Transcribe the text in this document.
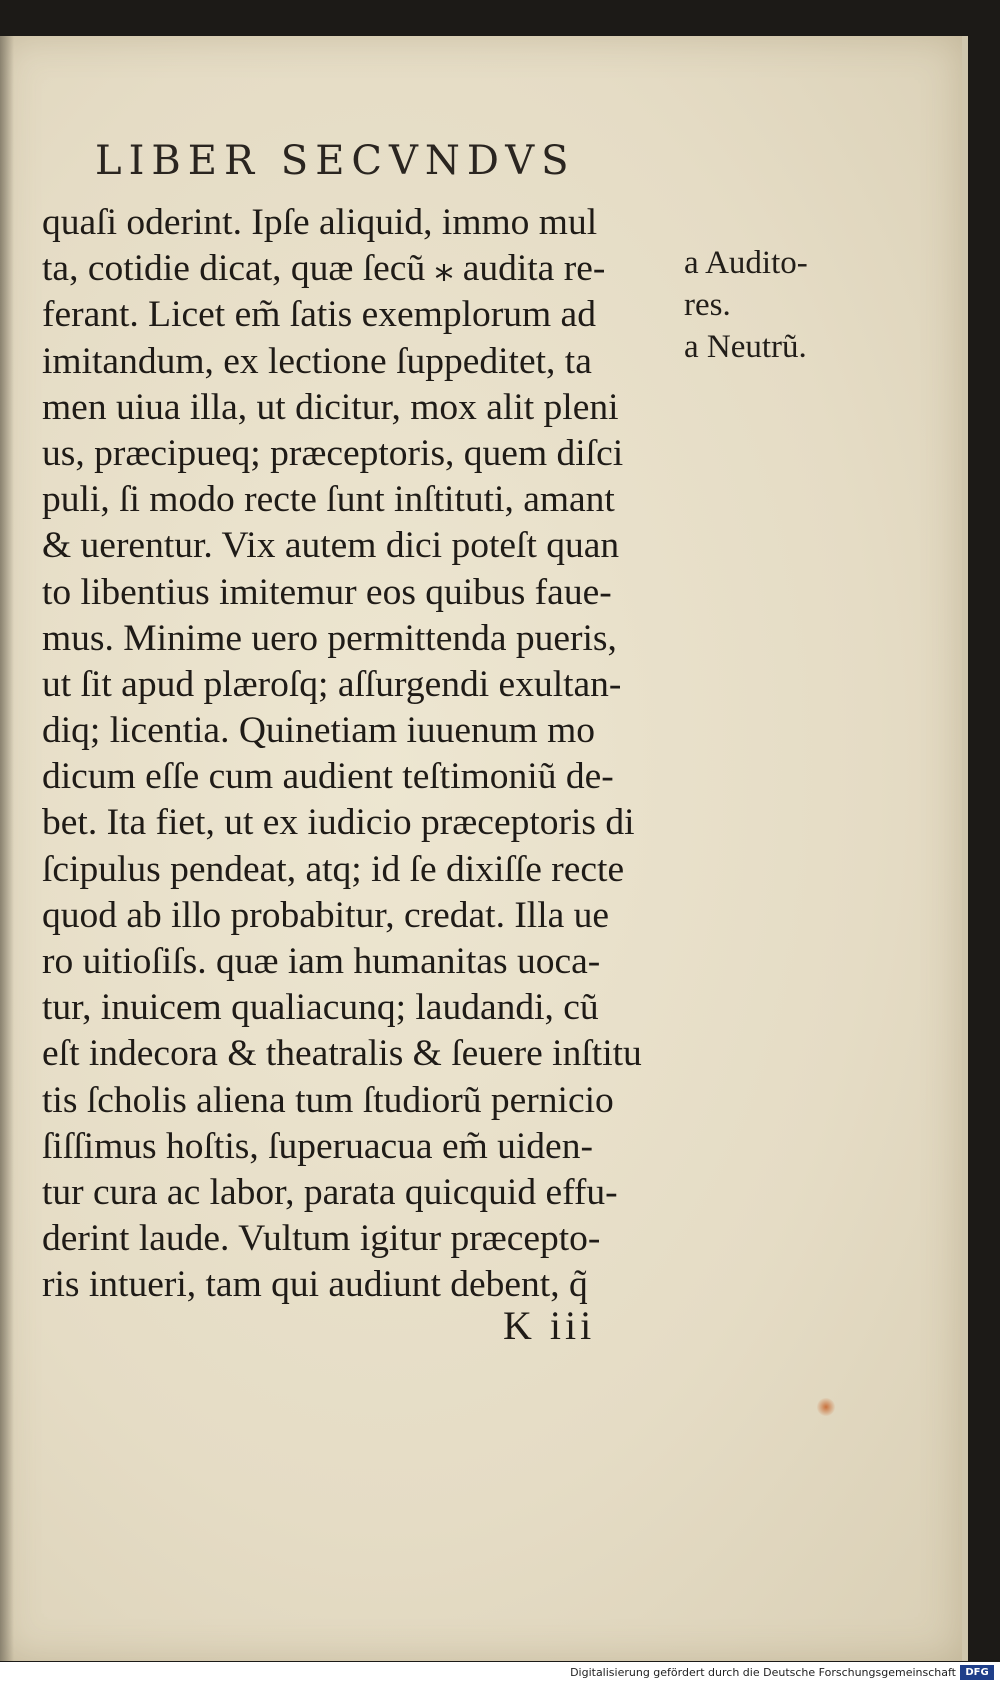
LIBER SECVNDVS
quaſi oderint. Ipſe aliquid, immo mul
ta, cotidie dicat, quæ ſecũ ⁎ audita re-
ferant. Licet em̃ ſatis exemplorum ad
imitandum, ex lectione ſuppeditet, ta
men uiua illa, ut dicitur, mox alit pleni
us, præcipueq; præceptoris, quem diſci
puli, ſi modo recte ſunt inſtituti, amant
& uerentur. Vix autem dici poteſt quan
to libentius imitemur eos quibus faue-
mus. Minime uero permittenda pueris,
ut ſit apud plæroſq; aſſurgendi exultan-
diq; licentia. Quinetiam iuuenum mo
dicum eſſe cum audient teſtimoniũ de-
bet. Ita fiet, ut ex iudicio præceptoris di
ſcipulus pendeat, atq; id ſe dixiſſe recte
quod ab illo probabitur, credat. Illa ue
ro uitioſiſs. quæ iam humanitas uoca-
tur, inuicem qualiacunq; laudandi, cũ
eſt indecora & theatralis & ſeuere inſtitu
tis ſcholis aliena tum ſtudiorũ pernicio
ſiſſimus hoſtis, ſuperuacua em̃ uiden-
tur cura ac labor, parata quicquid effu-
derint laude. Vultum igitur præcepto-
ris intueri, tam qui audiunt debent, q̃
a Audito-
res.
a Neutrũ.
K iii
Digitalisierung gefördert durch die Deutsche Forschungsgemeinschaft DFG
